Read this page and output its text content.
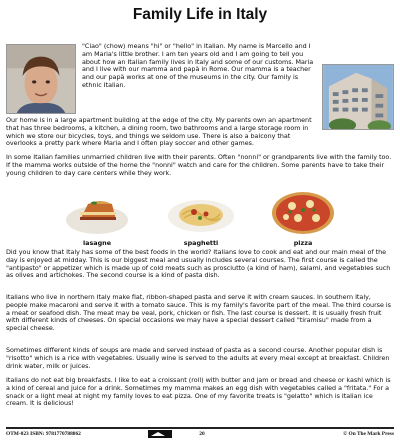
Family Life in Italy

"Ciao" (chow) means "hi" or "hello" in Italian. My name is Marcello and I am Maria's little brother. I am ten years old and I am going to tell you about how an Italian family lives in Italy and some of our customs. Maria and I live with our mamma and papà in Rome. Our mamma is a teacher and our papà works at one of the museums in the city. Our family is ethnic Italian.

Our home is in a large apartment building at the edge of the city. My parents own an apartment that has three bedrooms, a kitchen, a dining room, two bathrooms and a large storage room in which we store our bicycles, toys, and things we seldom use. There is also a balcony that overlooks a pretty park where Maria and I often play soccer and other games.

In some Italian families unmarried children live with their parents. Often "nonni" or grandparents live with the family too. If the mamma works outside of the home the "nonni" watch and care for the children. Some parents have to take their young children to day care centers while they work.

lasagne	spaghetti	pizza

Did you know that Italy has some of the best foods in the world? Italians love to cook and eat and our main meal of the day is enjoyed at midday. This is our biggest meal and usually includes several courses. The first course is called the "antipasto" or appetizer which is made up of cold meats such as prosciutto (a kind of ham), salami, and vegetables such as olives and artichokes. The second course is a kind of pasta dish.

Italians who live in northern Italy make flat, ribbon-shaped pasta and serve it with cream sauces. In southern Italy, people make macaroni and serve it with a tomato sauce. This is my family's favorite part of the meal. The third course is a meat or seafood dish. The meat may be veal, pork, chicken or fish. The last course is dessert. It is usually fresh fruit with different kinds of cheeses. On special occasions we may have a special dessert called "tiramisu" made from a special cheese.

Sometimes different kinds of soups are made and served instead of pasta as a second course. Another popular dish is "risotto" which is a rice with vegetables. Usually wine is served to the adults at every meal except at breakfast. Children drink water, milk or juices.

Italians do not eat big breakfasts. I like to eat a croissant (roll) with butter and jam or bread and cheese or kashi which is a kind of cereal and juice for a drink. Sometimes my mamma makes an egg dish with vegetables called a "fritata." For a snack or a light meal at night my family loves to eat pizza. One of my favorite treats is "gelatto" which is Italian ice cream. It is delicious!

OTM-023 ISBN: 9781770788862	20	© On The Mark Press
